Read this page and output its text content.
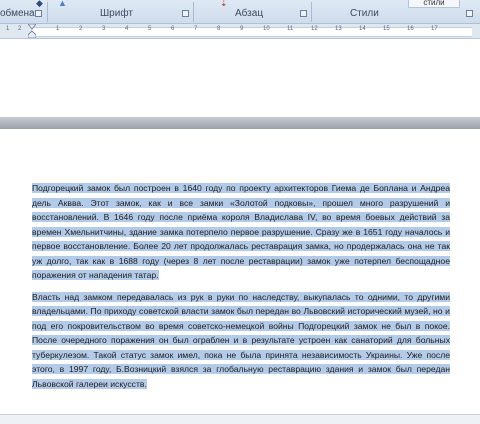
◆ ▲	⇣
обмена	Шрифт	Абзац	Стили
стили
1 2	1	2	3	4	5	6	7	8	9	10	11	12	13	14	15	16	17

Подгорецкий замок был построен в 1640 году по проекту архитекторов Гиема де Боплана и Андреа дель Аквва. Этот замок, как и все замки «Золотой подковы», прошел много разрушений и восстановлений. В 1646 году после приёма короля Владислава IV, во время боевых действий за времен Хмельнитчины, здание замка потерпело первое разрушение. Сразу же в 1651 году началось и первое восстановление. Более 20 лет продолжалась реставрация замка, но продержалась она не так уж долго, так как в 1688 году (через 8 лет после реставрации) замок уже потерпел беспощадное поражения от нападения татар.

Власть над замком передавалась из рук в руки по наследству, выкупалась то одними, то другими владельцами. По приходу советской власти замок был передан во Львовский исторический музей, но и под его покровительством во время советско-немецкой войны Подгорецкий замок не был в покое. После очередного поражения он был ограблен и в результате устроен как санаторий для больных туберкулезом. Такой статус замок имел, пока не была принята независимость Украины. Уже после этого, в 1997 году, Б.Возницкий взялся за глобальную реставрацию здания и замок был передан Львовской галереи искусств.
